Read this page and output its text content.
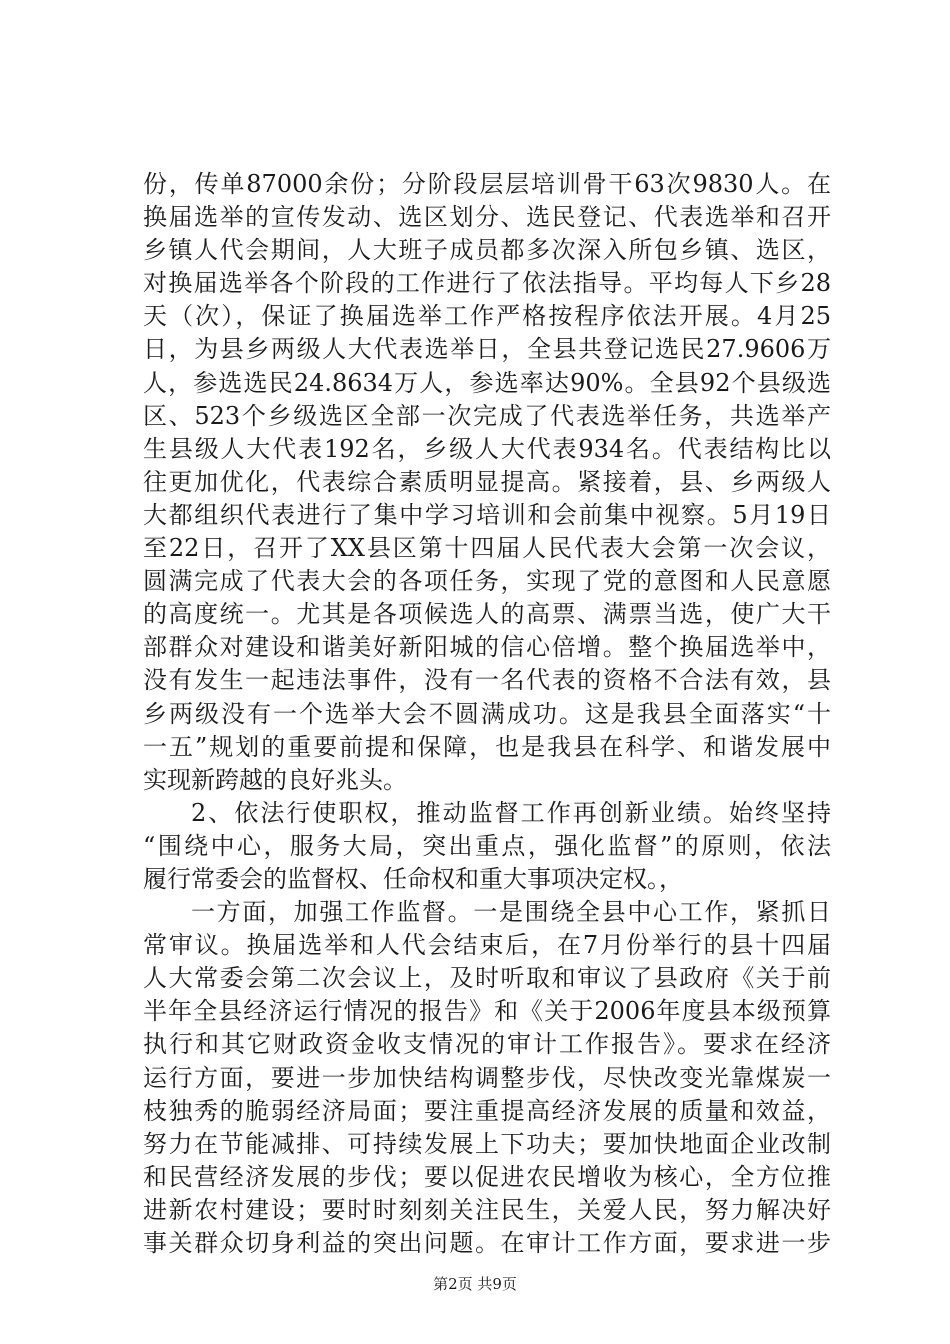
份，传单87000余份；分阶段层层培训骨干63次9830人。在
换届选举的宣传发动、选区划分、选民登记、代表选举和召开
乡镇人代会期间，人大班子成员都多次深入所包乡镇、选区，
对换届选举各个阶段的工作进行了依法指导。平均每人下乡28
天（次），保证了换届选举工作严格按程序依法开展。4月25
日，为县乡两级人大代表选举日，全县共登记选民27.9606万
人，参选选民24.8634万人，参选率达90%。全县92个县级选
区、523个乡级选区全部一次完成了代表选举任务，共选举产
生县级人大代表192名，乡级人大代表934名。代表结构比以
往更加优化，代表综合素质明显提高。紧接着，县、乡两级人
大都组织代表进行了集中学习培训和会前集中视察。5月19日
至22日，召开了XX县区第十四届人民代表大会第一次会议，
圆满完成了代表大会的各项任务，实现了党的意图和人民意愿
的高度统一。尤其是各项候选人的高票、满票当选，使广大干
部群众对建设和谐美好新阳城的信心倍增。整个换届选举中，
没有发生一起违法事件，没有一名代表的资格不合法有效，县
乡两级没有一个选举大会不圆满成功。这是我县全面落实“十
一五”规划的重要前提和保障，也是我县在科学、和谐发展中
实现新跨越的良好兆头。
2、依法行使职权，推动监督工作再创新业绩。始终坚持
“围绕中心，服务大局，突出重点，强化监督”的原则，依法
履行常委会的监督权、任命权和重大事项决定权。，
一方面，加强工作监督。一是围绕全县中心工作，紧抓日
常审议。换届选举和人代会结束后，在7月份举行的县十四届
人大常委会第二次会议上，及时听取和审议了县政府《关于前
半年全县经济运行情况的报告》和《关于2006年度县本级预算
执行和其它财政资金收支情况的审计工作报告》。要求在经济
运行方面，要进一步加快结构调整步伐，尽快改变光靠煤炭一
枝独秀的脆弱经济局面；要注重提高经济发展的质量和效益，
努力在节能减排、可持续发展上下功夫；要加快地面企业改制
和民营经济发展的步伐；要以促进农民增收为核心，全方位推
进新农村建设；要时时刻刻关注民生，关爱人民，努力解决好
事关群众切身利益的突出问题。在审计工作方面，要求进一步
第2页 共9页
